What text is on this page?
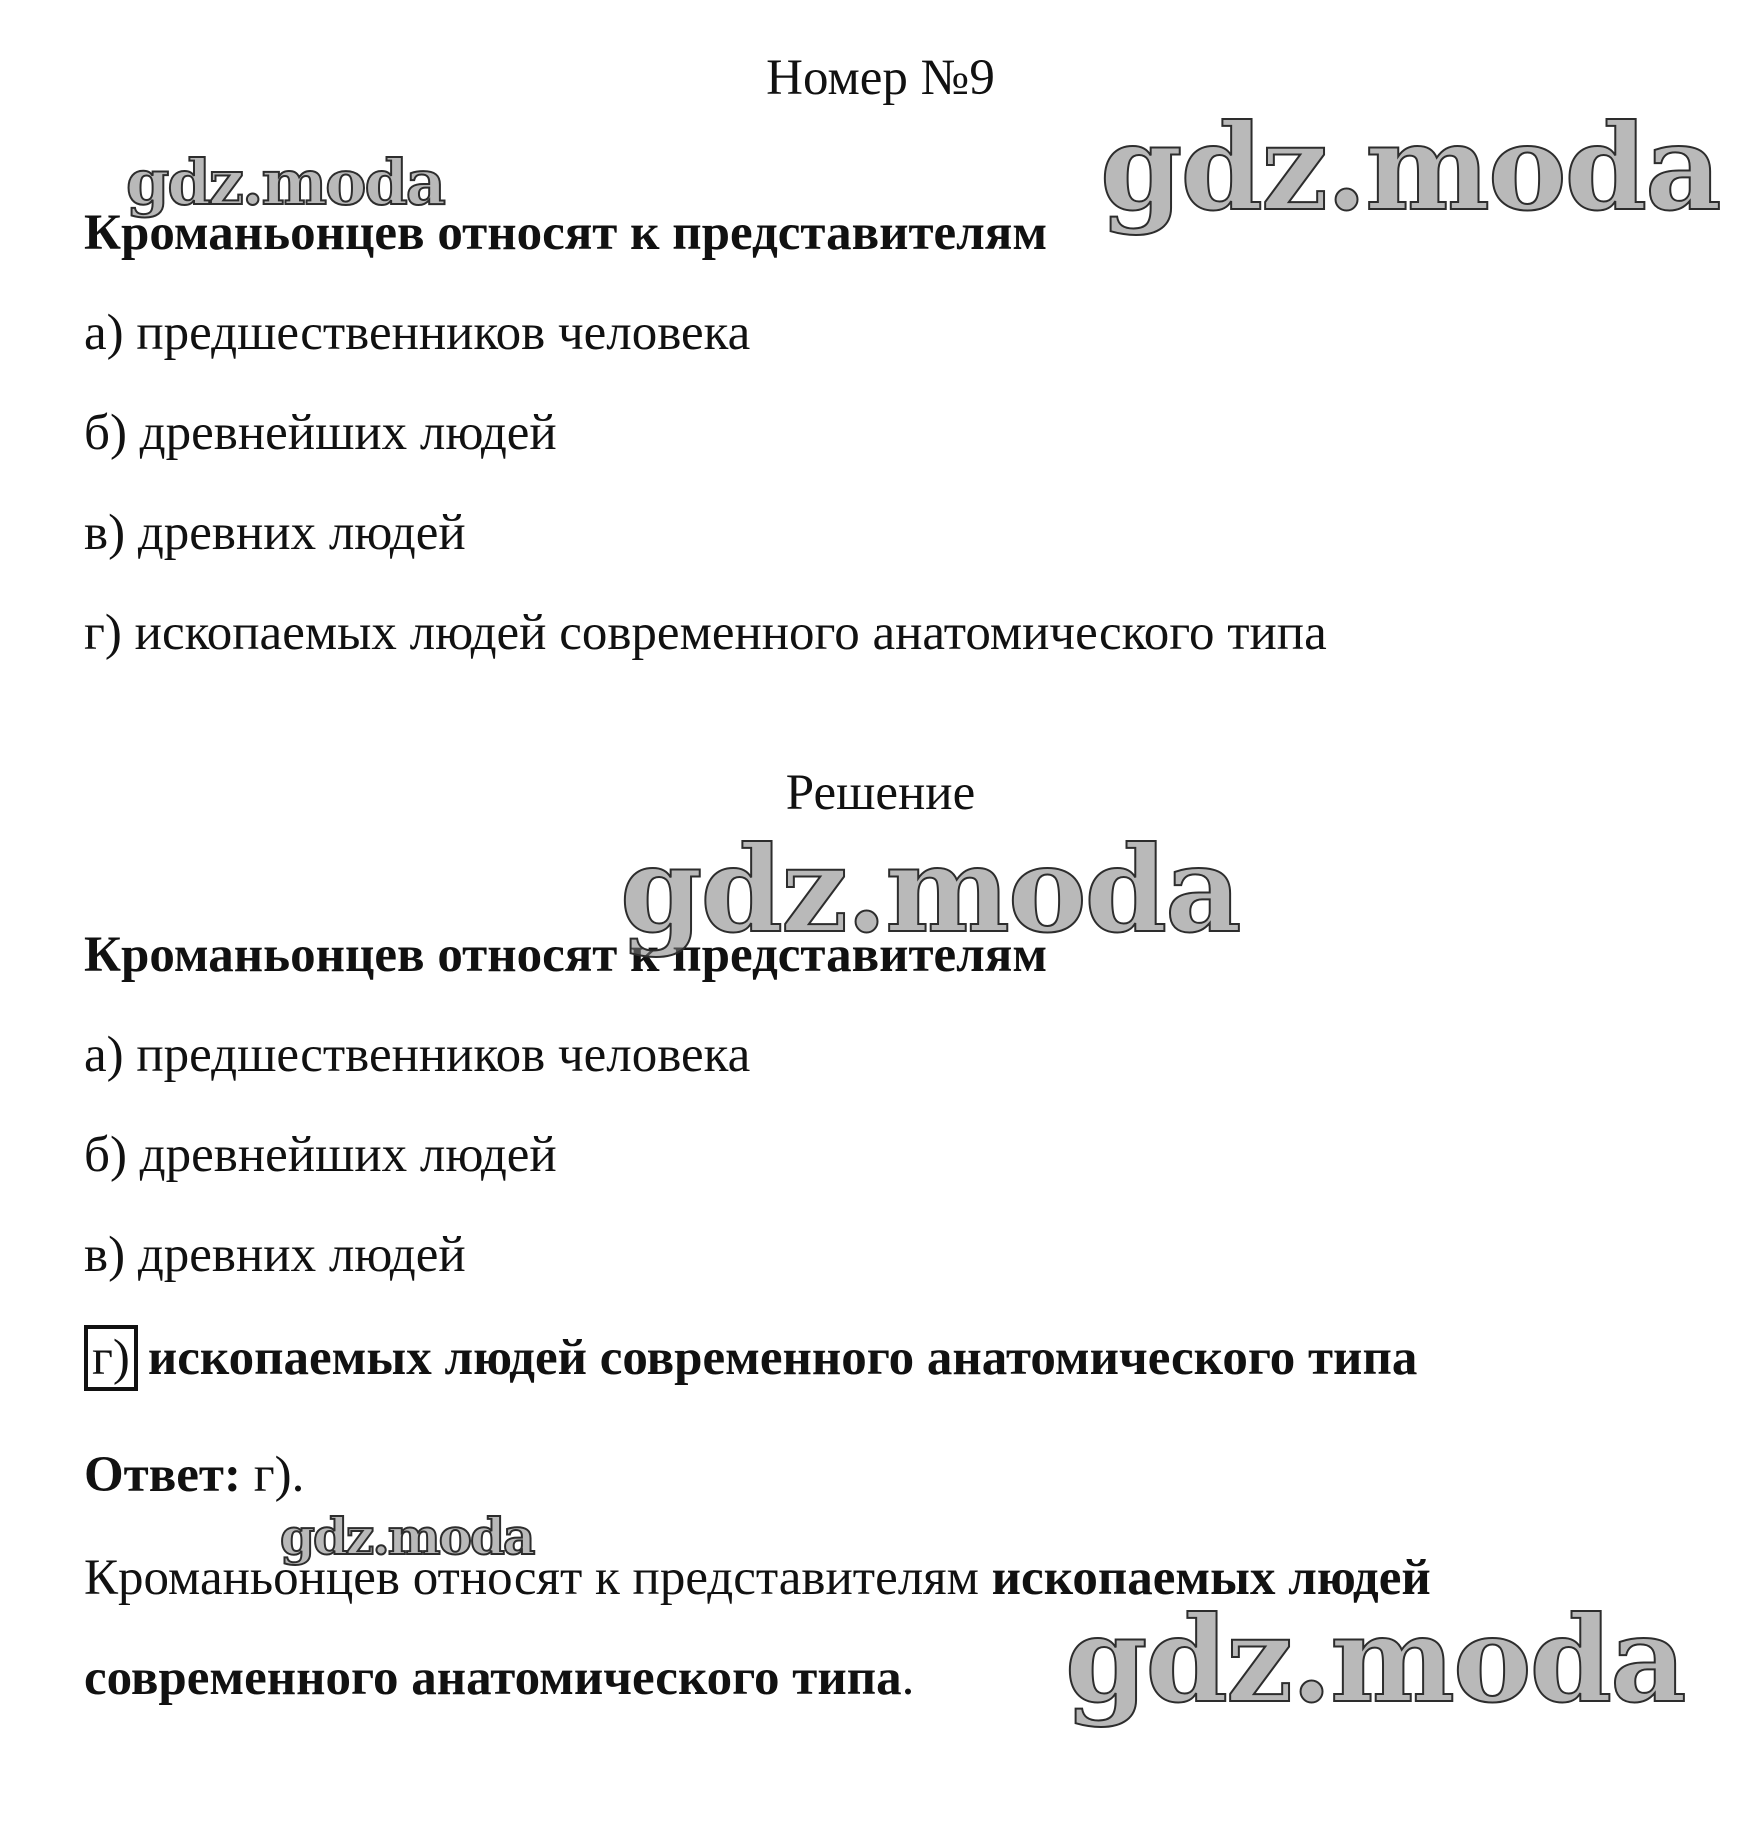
Номер №9
Кроманьонцев относят к представителям
а) предшественников человека
б) древнейших людей
в) древних людей
г) ископаемых людей современного анатомического типа
Решение
Кроманьонцев относят к представителям
а) предшественников человека
б) древнейших людей
в) древних людей
г) ископаемых людей современного анатомического типа
Ответ: г).
Кроманьонцев относят к представителям ископаемых людей
современного анатомического типа.
gdz.moda	gdz.moda
gdz.moda
gdz.moda
gdz.moda
